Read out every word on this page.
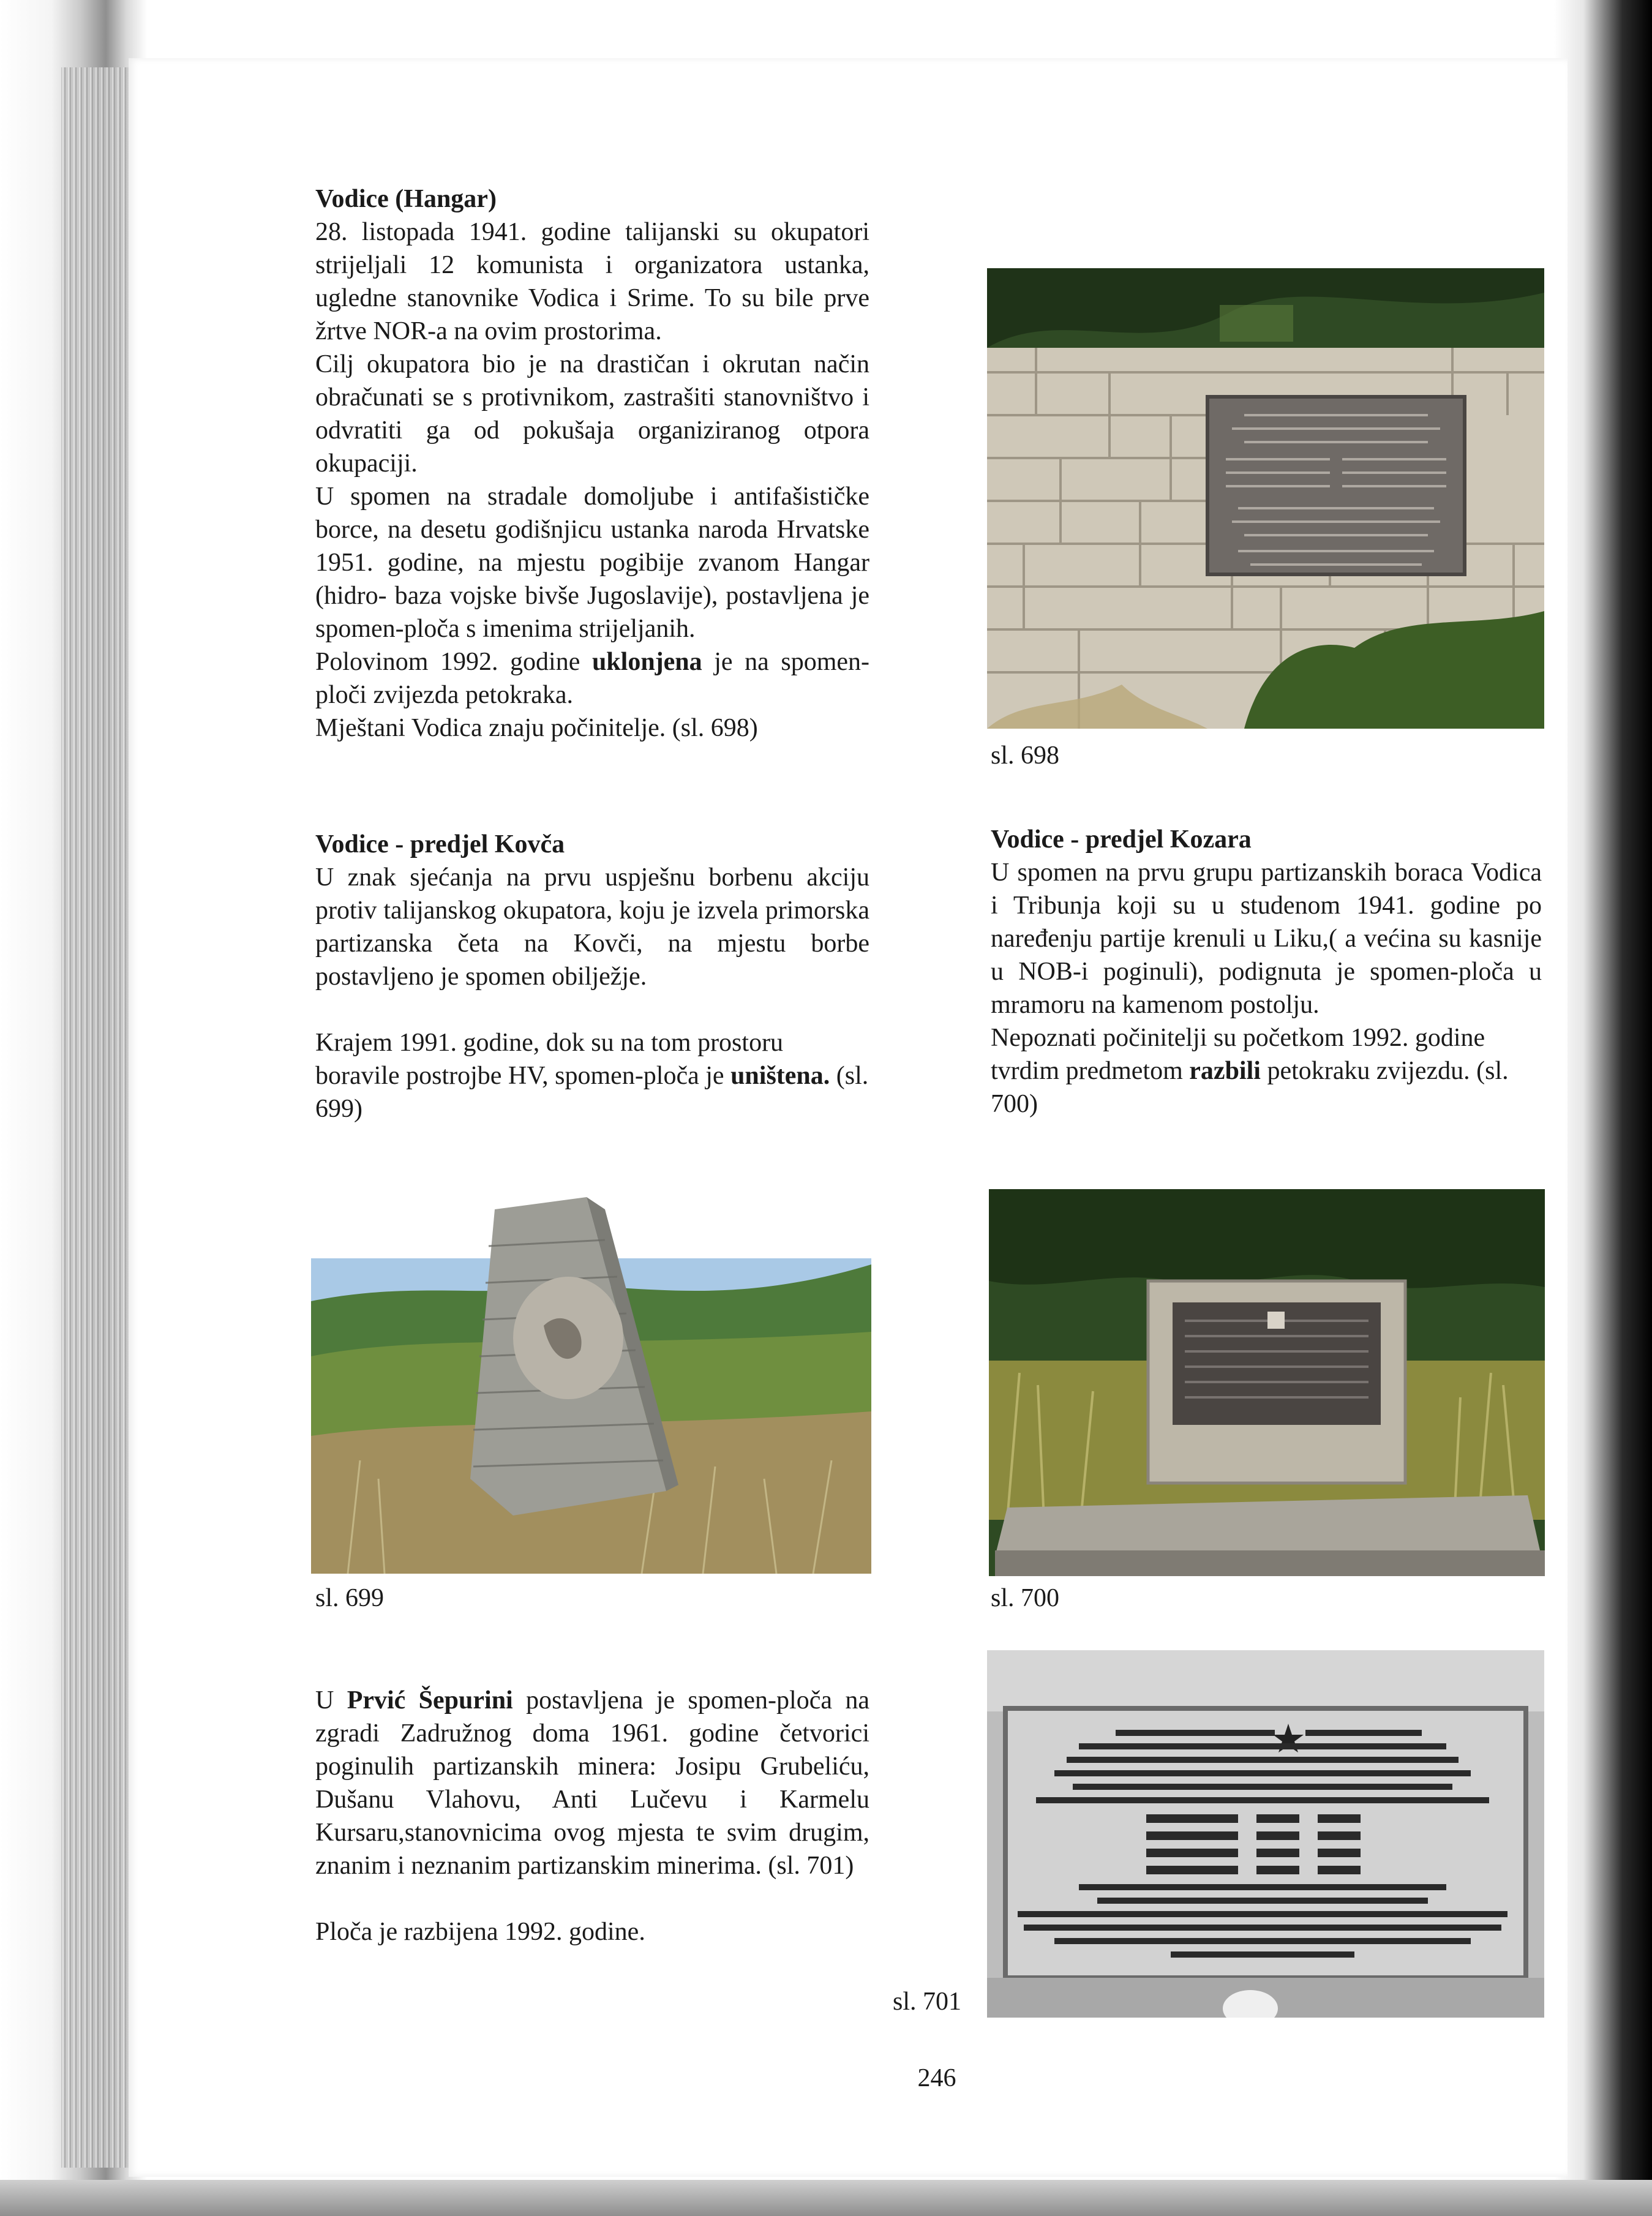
Vodice (Hangar)

28. listopada 1941. godine talijanski su okupatori strijeljali 12 komunista i organizatora ustanka, ugledne stanovnike Vodica i Srime. To su bile prve žrtve NOR-a na ovim prostorima.

Cilj okupatora bio je na drastičan i okrutan način obračunati se s protivnikom, zastrašiti stanovništvo i odvratiti ga od pokušaja organiziranog otpora okupaciji.

U spomen na stradale domoljube i antifašističke borce, na desetu godišnjicu ustanka naroda Hrvatske 1951. godine, na mjestu pogibije zvanom Hangar (hidro- baza vojske bivše Jugoslavije), postavljena je spomen-ploča s imenima strijeljanih.

Polovinom 1992. godine uklonjena je na spomen-ploči zvijezda petokraka.

Mještani Vodica znaju počinitelje. (sl. 698)

sl. 698

Vodice - predjel Kovča

U znak sjećanja na prvu uspješnu borbenu akciju protiv talijanskog okupatora, koju je izvela primorska partizanska četa na Kovči, na mjestu borbe postavljeno je spomen obilježje.

Krajem 1991. godine, dok su na tom prostoru boravile postrojbe HV, spomen-ploča je uništena. (sl. 699)

Vodice - predjel Kozara

U spomen na prvu grupu partizanskih boraca Vodica i Tribunja koji su u studenom 1941. godine po naređenju partije krenuli u Liku,( a većina su kasnije u NOB-i poginuli), podignuta je spomen-ploča u mramoru na kamenom postolju.

Nepoznati počinitelji su početkom 1992. godine tvrdim predmetom razbili petokraku zvijezdu. (sl. 700)

sl. 699	sl. 700

U Prvić Šepurini postavljena je spomen-ploča na zgradi Zadružnog doma 1961. godine četvorici poginulih partizanskih minera: Josipu Grubeliću, Dušanu Vlahovu, Anti Lučevu i Karmelu Kursaru,stanovnicima ovog mjesta te svim drugim, znanim i neznanim partizanskim minerima. (sl. 701)

Ploča je razbijena 1992. godine.

sl. 701
246
